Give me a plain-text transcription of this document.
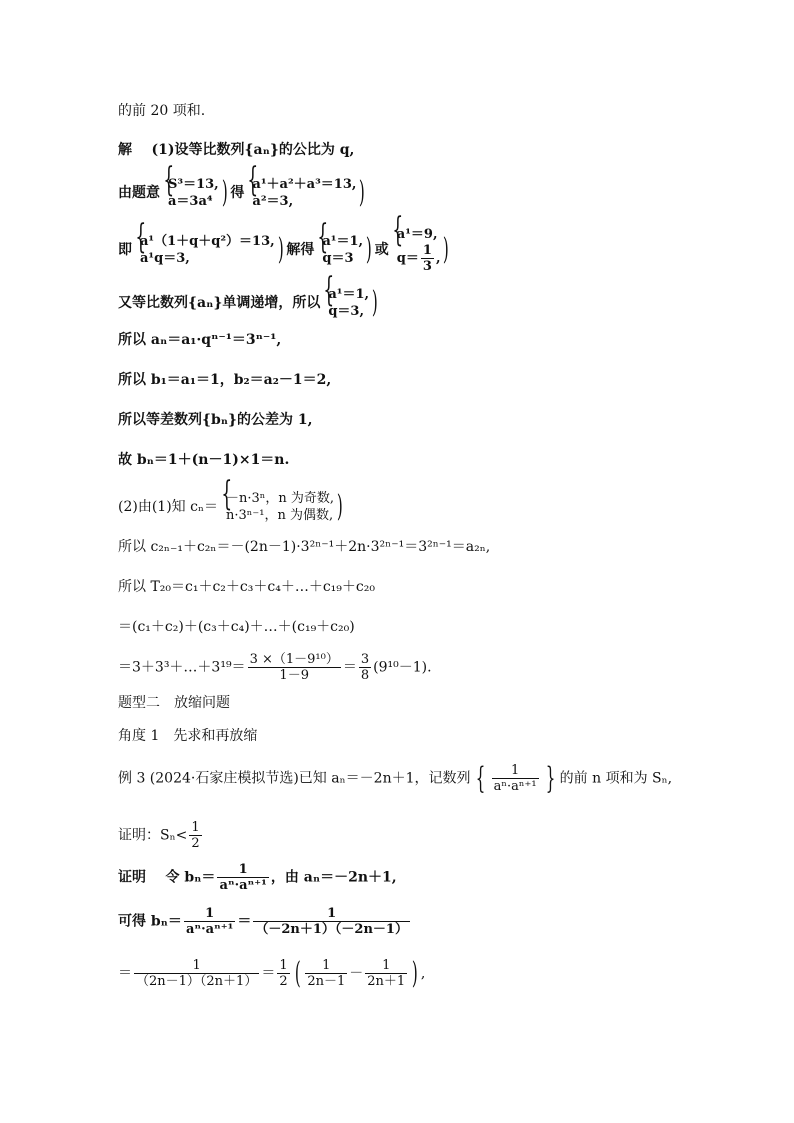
的前 20 项和.
解 (1)设等比数列{aₙ}的公比为 q,
由题意
{ S³＝13,
a＝3a⁴ ) 得
{ a¹＋a²＋a³＝13,
a²＝3,	)
即
{ a¹（1＋q＋q²）＝13,
a¹q＝3,	) 解得
{ a¹＝1,
q＝3 ) 或
{ a¹＝9,
$q= \frac{1}{3}$ , )
又等比数列{aₙ}单调递增，所以
{ a¹＝1,
q＝3, )
所以 aₙ＝a₁·qⁿ⁻¹＝3ⁿ⁻¹,
所以 b₁＝a₁＝1，b₂＝a₂－1＝2,
所以等差数列{bₙ}的公差为 1,
故 bₙ＝1＋(n－1)×1＝n.
(2)由(1)知 cₙ＝
{ －n·3ⁿ，n 为奇数,
n·3ⁿ⁻¹，n 为偶数, )
所以 c₂ₙ₋₁＋c₂ₙ＝－(2n－1)·3²ⁿ⁻¹＋2n·3²ⁿ⁻¹＝3²ⁿ⁻¹＝a₂ₙ,
所以 T₂₀＝c₁＋c₂＋c₃＋c₄＋…＋c₁₉＋c₂₀
＝(c₁＋c₂)＋(c₃＋c₄)＋…＋(c₁₉＋c₂₀)
＝3＋3³＋…＋3¹⁹＝ $\frac{\text{3 ×（1－9¹⁰）}}{1-9} = \frac{3}{8} (9^{10}-1)$.
题型二　放缩问题
角度 1　先求和再放缩
例 3 (2024·石家庄模拟节选)已知 aₙ＝－2n＋1，记数列 { $\frac{1}{\text{aⁿ·aⁿ⁺¹}}$ } 的前 n 项和为 Sₙ,
证明：$S_n< \frac{1}{2}$
证明 令 $b_n= \frac{1}{\text{aⁿ·aⁿ⁺¹}}$ ，由 aₙ＝－2n＋1,
可得 $b_n= \frac{1}{\text{aⁿ·aⁿ⁺¹}} = \frac{1}{(-2n+1)(-2n-1)}$
＝ $\frac{1}{(2n-1)(2n+1)} = \frac{1}{2}$ ( $\frac{1}{2n-1} - \frac{1}{2n+1}$ ) ,
